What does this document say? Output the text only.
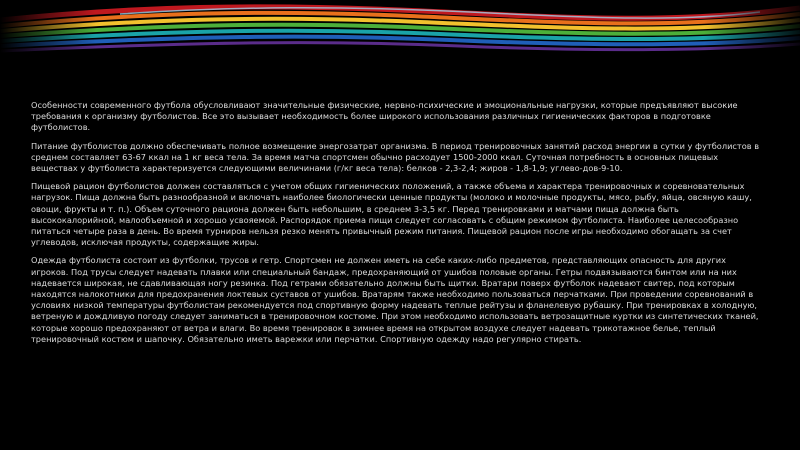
Особенности современного футбола обусловливают значительные физические, нервно-психические и эмоциональные нагрузки, которые предъявляют высокие требования к организму футболистов. Все это вызывает необходимость более широкого использования различных гигиенических факторов в подготовке футболистов.

Питание футболистов должно обеспечивать полное возмещение энергозатрат организма. В период тренировочных занятий расход энергии в сутки у футболистов в среднем составляет 63-67 ккал на 1 кг веса тела. За время матча спортсмен обычно расходует 1500-2000 ккал. Суточная потребность в основных пищевых веществах у футболиста характеризуется следующими величинами (г/кг веса тела): белков - 2,3-2,4; жиров - 1,8-1,9; углево-дов-9-10.

Пищевой рацион футболистов должен составляться с учетом общих гигиенических положений, а также объема и характера тренировочных и соревновательных нагрузок. Пища должна быть разнообразной и включать наиболее биологически ценные продукты (молоко и молочные продукты, мясо, рыбу, яйца, овсяную кашу, овощи, фрукты и т. п.). Объем суточного рациона должен быть небольшим, в среднем 3-3,5 кг. Перед тренировками и матчами пища должна быть высококалорийной, малообъемной и хорошо усвояемой. Распорядок приема пищи следует согласовать с общим режимом футболиста. Наиболее целесообразно питаться четыре раза в день. Во время турниров нельзя резко менять привычный режим питания. Пищевой рацион после игры необходимо обогащать за счет углеводов, исключая продукты, содержащие жиры.

Одежда футболиста состоит из футболки, трусов и гетр. Спортсмен не должен иметь на себе каких-либо предметов, представляющих опасность для других игроков. Под трусы следует надевать плавки или специальный бандаж, предохраняющий от ушибов половые органы. Гетры подвязываются бинтом или на них надевается широкая, не сдавливающая ногу резинка. Под гетрами обязательно должны быть щитки. Вратари поверх футболок надевают свитер, под которым находятся налокотники для предохранения локтевых суставов от ушибов. Вратарям также необходимо пользоваться перчатками. При проведении соревнований в условиях низкой температуры футболистам рекомендуется под спортивную форму надевать теплые рейтузы и фланелевую рубашку. При тренировках в холодную, ветреную и дождливую погоду следует заниматься в тренировочном костюме. При этом необходимо использовать ветрозащитные куртки из синтетических тканей, которые хорошо предохраняют от ветра и влаги. Во время тренировок в зимнее время на открытом воздухе следует надевать трикотажное белье, теплый тренировочный костюм и шапочку. Обязательно иметь варежки или перчатки. Спортивную одежду надо регулярно стирать.
